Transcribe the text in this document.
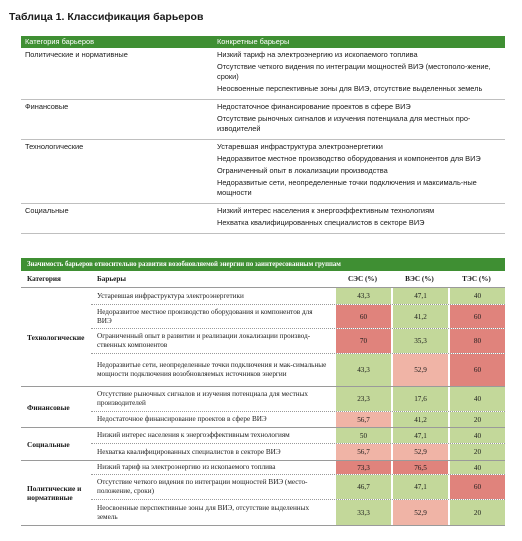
Таблица 1. Классификация барьеров
Категория барьеров	Конкретные барьеры
Политические и нормативные	Низкий тариф на электроэнергию из ископаемого топлива
Отсутствие четкого видения по интеграции мощностей ВИЭ (местополо-жение, сроки)
Неосвоенные перспективные зоны для ВИЭ, отсутствие выделенных земель
Финансовые	Недостаточное финансирование проектов в сфере ВИЭ
Отсутствие рыночных сигналов и изучения потенциала для местных про-изводителей
Технологические	Устаревшая инфраструктура электроэнергетики
Недоразвитое местное производство оборудования и компонентов для ВИЭ
Ограниченный опыт в локализации производства
Недоразвитые сети, неопределенные точки подключения и максималь-ные мощности
Социальные	Низкий интерес населения к энергоэффективным технологиям
Нехватка квалифицированных специалистов в секторе ВИЭ
Значимость барьеров относительно развития возобновляемой энергии по заинтересованным группам
Категория	Барьеры	СЭС (%)	ВЭС (%)	ТЭС (%)
Технологические
Устаревшая инфраструктура электроэнергетики	43,3	47,1	40
Недоразвитое местное производство оборудования и компонентов для ВИЭ	60	41,2	60
Ограниченный опыт в развитии и реализации локализации производ-ственных компонентов	70	35,3	80
Недоразвитые сети, неопределенные точки подключения и мак-симальные мощности подключения возобновляемых источников энергии	43,3	52,9	60
Финансовые
Отсутствие рыночных сигналов и изучения потенциала для местных производителей	23,3	17,6	40
Недостаточное финансирование проектов в сфере ВИЭ	56,7	41,2	20
Социальные
Низкий интерес населения к энергоэффективным технологиям	50	47,1	40
Нехватка квалифицированных специалистов в секторе ВИЭ	56,7	52,9	20
Политические и нормативные
Низкий тариф на электроэнергию из ископаемого топлива	73,3	76,5	40
Отсутствие четкого видения по интеграции мощностей ВИЭ (место-положение, сроки)	46,7	47,1	60
Неосвоенные перспективные зоны для ВИЭ, отсутствие выделенных земель	33,3	52,9	20
